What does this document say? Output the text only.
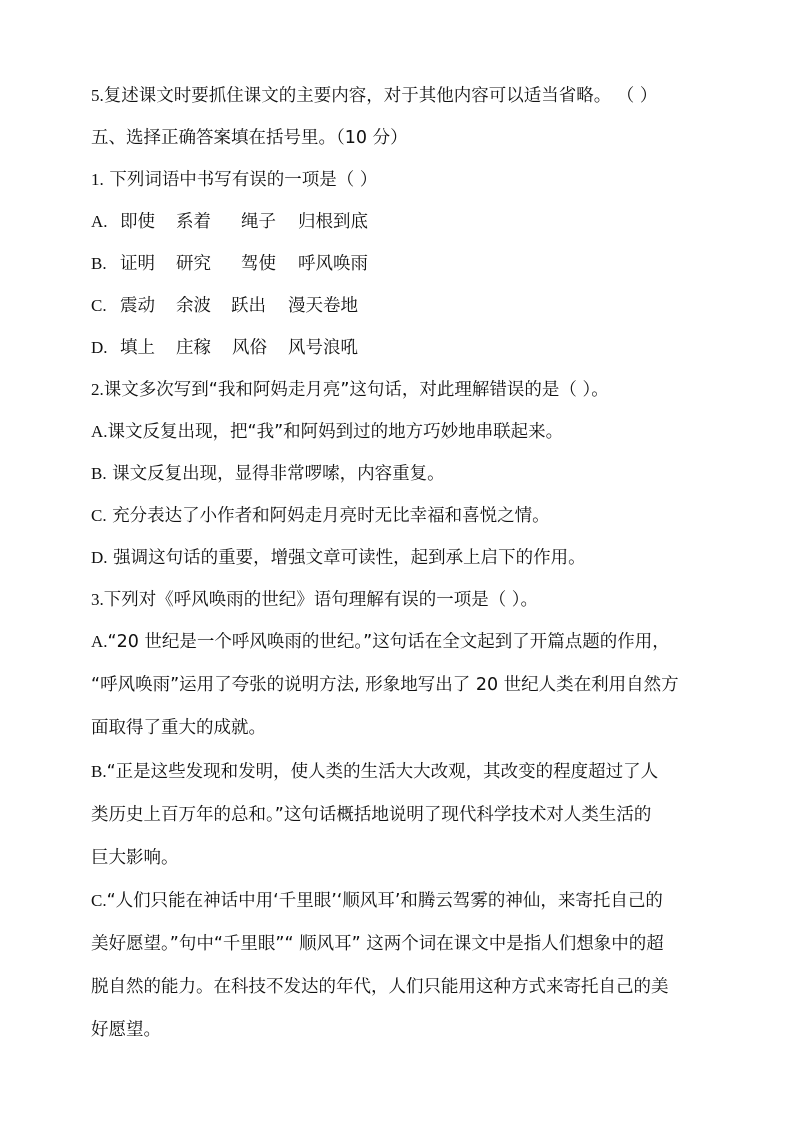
5.复述课文时要抓住课文的主要内容，对于其他内容可以适当省略。 （ ）
五、选择正确答案填在括号里。（10 分）
1. 下列词语中书写有误的一项是（ ）
A. 即使 系着 绳子 归根到底
B. 证明 研究 驾使 呼风唤雨
C. 震动 余波 跃出 漫天卷地
D. 填上 庄稼 风俗 风号浪吼
2.课文多次写到“我和阿妈走月亮”这句话，对此理解错误的是（ ）。
A.课文反复出现，把“我”和阿妈到过的地方巧妙地串联起来。
B. 课文反复出现，显得非常啰嗦，内容重复。
C. 充分表达了小作者和阿妈走月亮时无比幸福和喜悦之情。
D. 强调这句话的重要，增强文章可读性，起到承上启下的作用。
3.下列对《呼风唤雨的世纪》语句理解有误的一项是（ ）。
A.“20 世纪是一个呼风唤雨的世纪。”这句话在全文起到了开篇点题的作用，
“呼风唤雨”运用了夸张的说明方法, 形象地写出了 20 世纪人类在利用自然方
面取得了重大的成就。
B.“正是这些发现和发明，使人类的生活大大改观，其改变的程度超过了人
类历史上百万年的总和。”这句话概括地说明了现代科学技术对人类生活的
巨大影响。
C.“人们只能在神话中用‘千里眼’‘顺风耳’和腾云驾雾的神仙，来寄托自己的
美好愿望。”句中“千里眼”“ 顺风耳” 这两个词在课文中是指人们想象中的超
脱自然的能力。在科技不发达的年代，人们只能用这种方式来寄托自己的美
好愿望。
